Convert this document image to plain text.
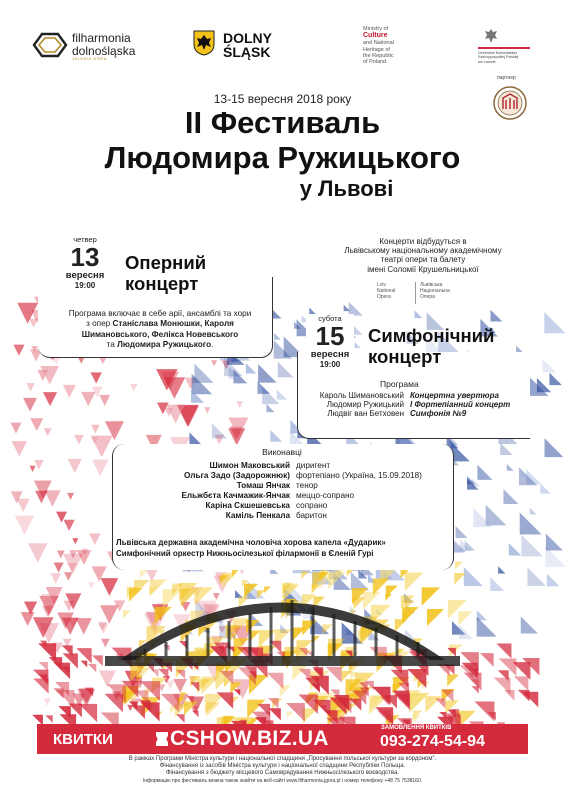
filharmonia
dolnośląska
JELENIA GÓRA
DOLNY
ŚLĄSK
Ministry of
Culture
and National
Heritage of
the Republic
of Poland.
Generalne Konsulatstwo
Rzeczypospolitej Polskiej
we Lwowie
партнер
13-15 вересня 2018 року
II Фестиваль
Людомира Ружицького
у Львові
Концерти відбудуться в
Львівському національному академічному
театрі опери та балету
імені Соломії Крушельницької
Lviv
National
Opera
Львівська
Національна
Опера
четвер
13
вересня
19:00
Оперний
концерт
Програма включає в себе арії, ансамблі та хори
з опер Станіслава Монюшки, Кароля
Шимановського, Фелікса Новевського
та Людомира Ружицького.
субота
15
вересня
19:00
Симфонічний
концерт
Програма
Кароль Шимановський Концертна увертюра
Людомир Ружицький І Фортепіанний концерт
Людвіг ван Бетховен Симфонія №9
Виконавці
Шимон Маковський диригент
Ольга Задо (Задорожнюк) фортепіано (Україна, 15.09.2018)
Томаш Янчак тенор
Ельжбєта Качмажик-Янчак меццо-сопрано
Каріна Скшешевська сопрано
Каміль Пенкала баритон
Львівська державна академічна чоловіча хорова капела «Дударик»
Симфонічний оркестр Нижньосілезької філармонії в Єленій Гурі
КВИТКИ	CSHOW.BIZ.UA	ЗАМОВЛЕННЯ КВИТКІВ
093-274-54-94
В рамках Програми Міністра культури і національної спадщини „Просування польської культури за кордоном".
Фінансування із засобів Міністра культури і національної спадщини Республіки Польща.
Фінансування з бюджету місцевого Самоврядування Нижньосілезького воєводства.
Інформацію про фестиваль можна також знайти на веб-сайті www.filharmonia.jgora.pl і номер телефону +48 75 7538160.
